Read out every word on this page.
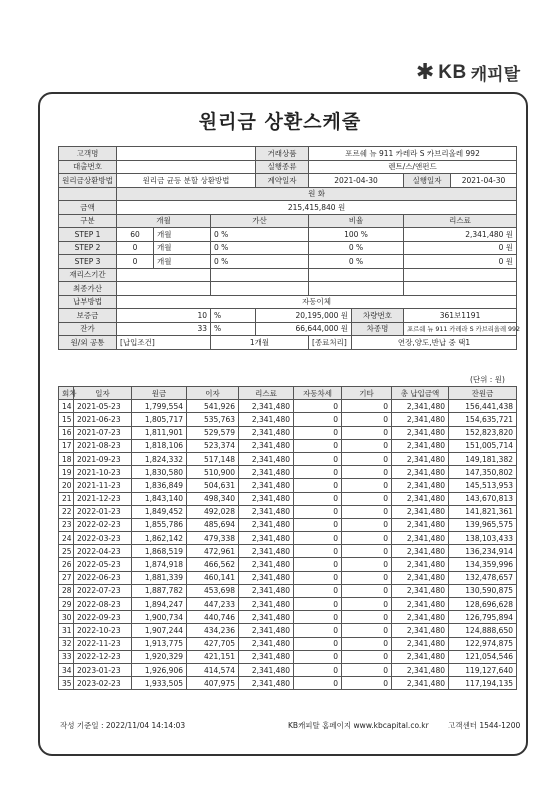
✱ KB 캐피탈
원리금 상환스케줄
고객명				거래상품	포르쉐 뉴 911 카레라 S 카브리올레 992			
대출번호				실행종류	렌트/스/앤펀드			
원리금상환방법	원리금 균등 분할 상환방법			계약일자	2021-04-30		실행일자	2021-04-30
	원 화							
금액	215,415,840 원							
구분	개월		가산		비율		리스료	
STEP 1	60	개월	0 %		100 %		2,341,480 원	
STEP 2	0	개월	0 %		0 %		0 원	
STEP 3	0	개월	0 %		0 %		0 원	
재리스기간								
최종가산								
납부방법	자동이체							
보증금	10		%	20,195,000 원		차량번호	361보1191	
잔가	33		%	66,644,000 원		차종명	포르쉐 뉴 911 카레라 S 카브리올레 992	
원/외 공통	[납입조건]		1개월		[종료처리]	연장,양도,반납 중 택1		
(단위 : 원)
회차	일자	원금	이자	리스료	자동차세	기타	총 납입금액	잔원금
14	2021-05-23	1,799,554	541,926	2,341,480	0	0	2,341,480	156,441,438
15	2021-06-23	1,805,717	535,763	2,341,480	0	0	2,341,480	154,635,721
16	2021-07-23	1,811,901	529,579	2,341,480	0	0	2,341,480	152,823,820
17	2021-08-23	1,818,106	523,374	2,341,480	0	0	2,341,480	151,005,714
18	2021-09-23	1,824,332	517,148	2,341,480	0	0	2,341,480	149,181,382
19	2021-10-23	1,830,580	510,900	2,341,480	0	0	2,341,480	147,350,802
20	2021-11-23	1,836,849	504,631	2,341,480	0	0	2,341,480	145,513,953
21	2021-12-23	1,843,140	498,340	2,341,480	0	0	2,341,480	143,670,813
22	2022-01-23	1,849,452	492,028	2,341,480	0	0	2,341,480	141,821,361
23	2022-02-23	1,855,786	485,694	2,341,480	0	0	2,341,480	139,965,575
24	2022-03-23	1,862,142	479,338	2,341,480	0	0	2,341,480	138,103,433
25	2022-04-23	1,868,519	472,961	2,341,480	0	0	2,341,480	136,234,914
26	2022-05-23	1,874,918	466,562	2,341,480	0	0	2,341,480	134,359,996
27	2022-06-23	1,881,339	460,141	2,341,480	0	0	2,341,480	132,478,657
28	2022-07-23	1,887,782	453,698	2,341,480	0	0	2,341,480	130,590,875
29	2022-08-23	1,894,247	447,233	2,341,480	0	0	2,341,480	128,696,628
30	2022-09-23	1,900,734	440,746	2,341,480	0	0	2,341,480	126,795,894
31	2022-10-23	1,907,244	434,236	2,341,480	0	0	2,341,480	124,888,650
32	2022-11-23	1,913,775	427,705	2,341,480	0	0	2,341,480	122,974,875
33	2022-12-23	1,920,329	421,151	2,341,480	0	0	2,341,480	121,054,546
34	2023-01-23	1,926,906	414,574	2,341,480	0	0	2,341,480	119,127,640
35	2023-02-23	1,933,505	407,975	2,341,480	0	0	2,341,480	117,194,135
작성 기준일 : 2022/11/04 14:14:03	KB캐피탈 홈페이지 www.kbcapital.co.kr	고객센터 1544-1200
